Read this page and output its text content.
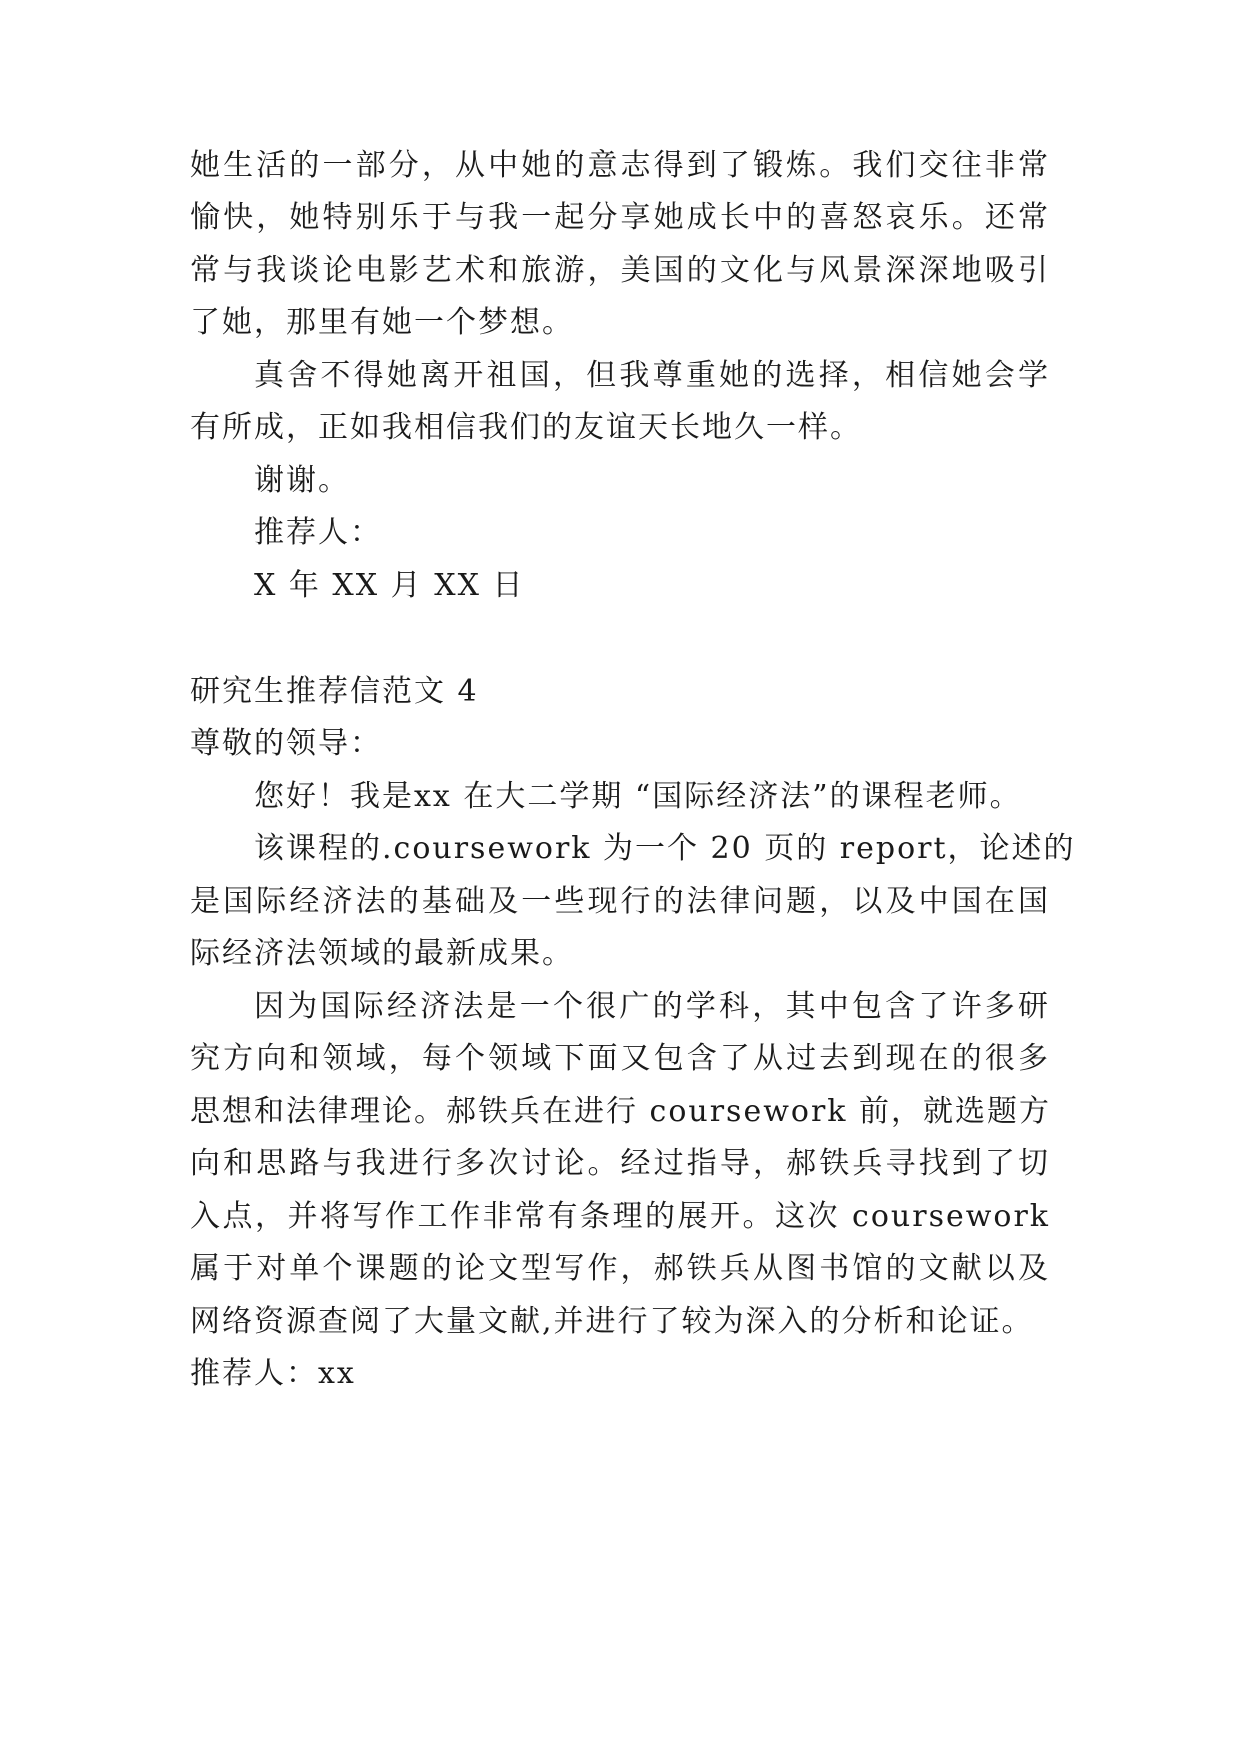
她生活的一部分，从中她的意志得到了锻炼。我们交往非常
愉快，她特别乐于与我一起分享她成长中的喜怒哀乐。还常
常与我谈论电影艺术和旅游，美国的文化与风景深深地吸引
了她，那里有她一个梦想。
真舍不得她离开祖国，但我尊重她的选择，相信她会学
有所成，正如我相信我们的友谊天长地久一样。
谢谢。
推荐人：
X 年 XX 月 XX 日
研究生推荐信范文 4
尊敬的领导：
您好！我是xx 在大二学期 “国际经济法”的课程老师。
该课程的.coursework 为一个 20 页的 report，论述的
是国际经济法的基础及一些现行的法律问题，以及中国在国
际经济法领域的最新成果。
因为国际经济法是一个很广的学科，其中包含了许多研
究方向和领域，每个领域下面又包含了从过去到现在的很多
思想和法律理论。郝铁兵在进行 coursework 前，就选题方
向和思路与我进行多次讨论。经过指导，郝铁兵寻找到了切
入点，并将写作工作非常有条理的展开。这次 coursework
属于对单个课题的论文型写作，郝铁兵从图书馆的文献以及
网络资源查阅了大量文献,并进行了较为深入的分析和论证。
推荐人：xx
